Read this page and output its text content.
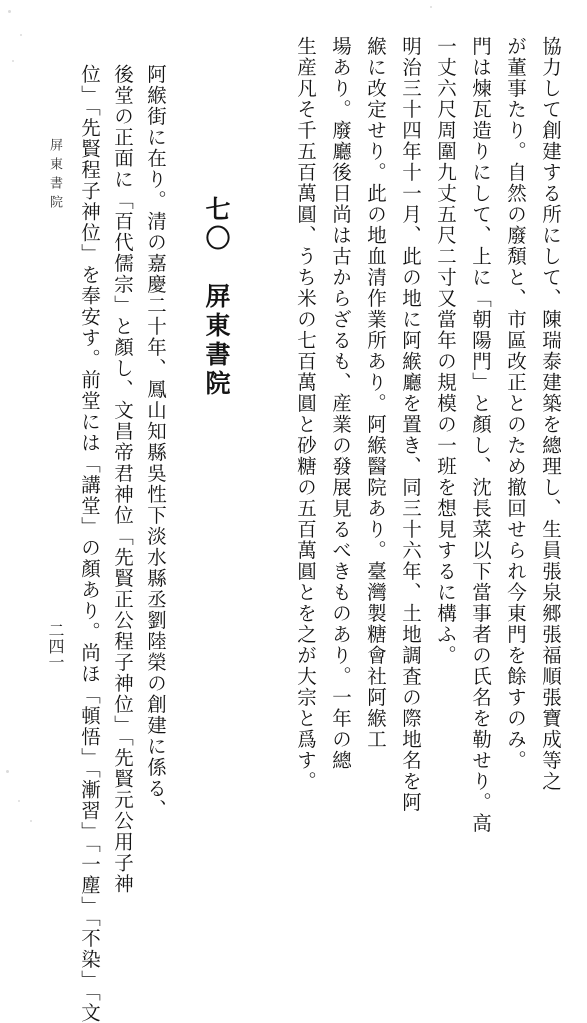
協力して創建する所にして、陳瑞泰建築を總理し、生員張泉郷張福順張寶成等之
が董事たり。自然の廢頽と、市區改正とのため撤回せられ今東門を餘すのみ。
門は煉瓦造りにして、上に「朝陽門」と顏し、沈長菜以下當事者の氏名を勒せり。高
一丈六尺周圍九丈五尺二寸又當年の規模の一班を想見するに構ふ。
明治三十四年十一月、此の地に阿緱廳を置き、同三十六年、土地調査の際地名を阿
緱に改定せり。此の地血清作業所あり。阿緱醫院あり。臺灣製糖會社阿緱工
場あり。廢廳後日尚は古からざるも、産業の發展見るべきものあり。一年の總
生産凡そ千五百萬圓、うち米の七百萬圓と砂糖の五百萬圓とを之が大宗と爲す。
七〇　屏東書院
阿緱街に在り。清の嘉慶二十年、鳳山知縣吳性下淡水縣丞劉陸榮の創建に係る、
後堂の正面に「百代儒宗」と顏し、文昌帝君神位「先賢正公程子神位」「先賢元公用子神
位」「先賢程子神位」を奉安す。前堂には「講堂」の顏あり。尚ほ「頓悟」「漸習」「一塵」「不染」「文
屏東書院
二四一
